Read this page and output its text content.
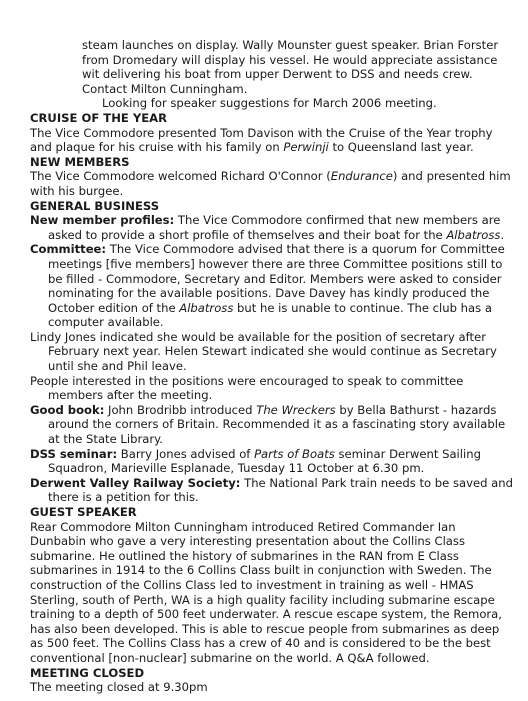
steam launches on display. Wally Mounster guest speaker. Brian Forster from Dromedary will display his vessel. He would appreciate assistance wit delivering his boat from upper Derwent to DSS and needs crew. Contact Milton Cunningham.

Looking for speaker suggestions for March 2006 meeting.

CRUISE OF THE YEAR

The Vice Commodore presented Tom Davison with the Cruise of the Year trophy and plaque for his cruise with his family on Perwinji to Queensland last year.

NEW MEMBERS

The Vice Commodore welcomed Richard O'Connor (Endurance) and presented him with his burgee.

GENERAL BUSINESS

New member profiles: The Vice Commodore confirmed that new members are asked to provide a short profile of themselves and their boat for the Albatross.

Committee: The Vice Commodore advised that there is a quorum for Committee meetings [five members] however there are three Committee positions still to be filled - Commodore, Secretary and Editor. Members were asked to consider nominating for the available positions. Dave Davey has kindly produced the October edition of the Albatross but he is unable to continue. The club has a computer available.

Lindy Jones indicated she would be available for the position of secretary after February next year. Helen Stewart indicated she would continue as Secretary until she and Phil leave.

People interested in the positions were encouraged to speak to committee members after the meeting.

Good book: John Brodribb introduced The Wreckers by Bella Bathurst - hazards around the corners of Britain. Recommended it as a fascinating story available at the State Library.

DSS seminar: Barry Jones advised of Parts of Boats seminar Derwent Sailing Squadron, Marieville Esplanade, Tuesday 11 October at 6.30 pm.

Derwent Valley Railway Society: The National Park train needs to be saved and there is a petition for this.

GUEST SPEAKER

Rear Commodore Milton Cunningham introduced Retired Commander Ian Dunbabin who gave a very interesting presentation about the Collins Class submarine. He outlined the history of submarines in the RAN from E Class submarines in 1914 to the 6 Collins Class built in conjunction with Sweden. The construction of the Collins Class led to investment in training as well - HMAS Sterling, south of Perth, WA is a high quality facility including submarine escape training to a depth of 500 feet underwater. A rescue escape system, the Remora, has also been developed. This is able to rescue people from submarines as deep as 500 feet. The Collins Class has a crew of 40 and is considered to be the best conventional [non-nuclear] submarine on the world. A Q&A followed.

MEETING CLOSED

The meeting closed at 9.30pm
